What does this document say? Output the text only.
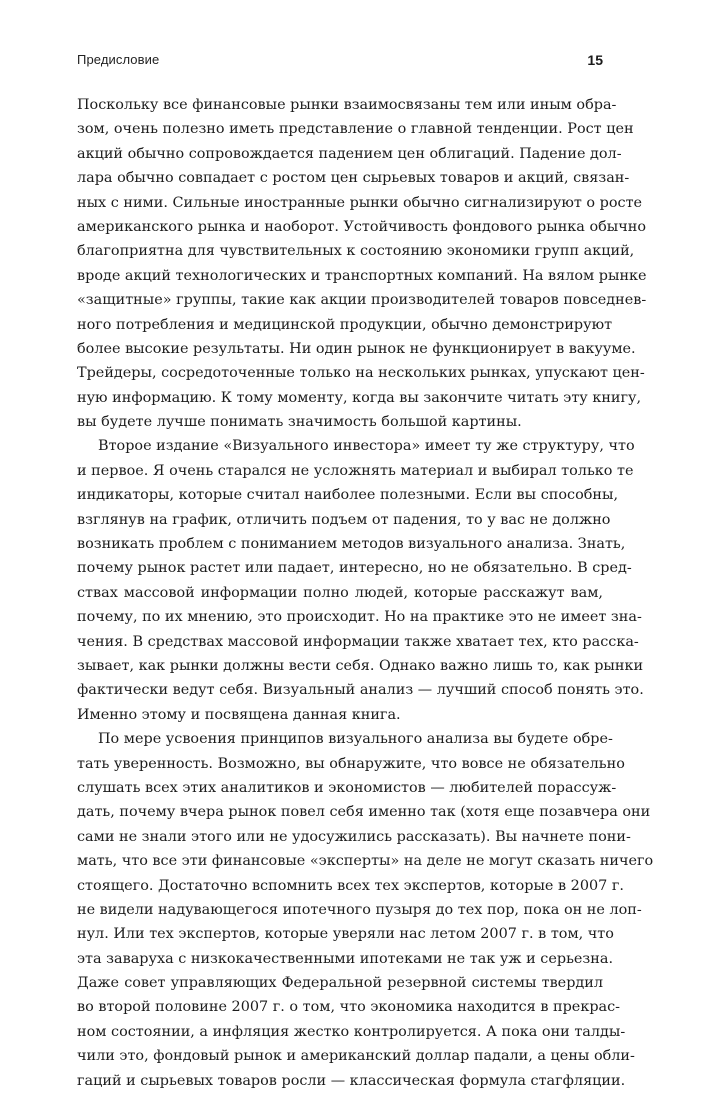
Предисловие	15
Поскольку все финансовые рынки взаимосвязаны тем или иным обра-
зом, очень полезно иметь представление о главной тенденции. Рост цен
акций обычно сопровождается падением цен облигаций. Падение дол-
лара обычно совпадает с ростом цен сырьевых товаров и акций, связан-
ных с ними. Сильные иностранные рынки обычно сигнализируют о росте
американского рынка и наоборот. Устойчивость фондового рынка обычно
благоприятна для чувствительных к состоянию экономики групп акций,
вроде акций технологических и транспортных компаний. На вялом рынке
«защитные» группы, такие как акции производителей товаров повседнев-
ного потребления и медицинской продукции, обычно демонстрируют
более высокие результаты. Ни один рынок не функционирует в вакууме.
Трейдеры, сосредоточенные только на нескольких рынках, упускают цен-
ную информацию. К тому моменту, когда вы закончите читать эту книгу,
вы будете лучше понимать значимость большой картины.
Второе издание «Визуального инвестора» имеет ту же структуру, что
и первое. Я очень старался не усложнять материал и выбирал только те
индикаторы, которые считал наиболее полезными. Если вы способны,
взглянув на график, отличить подъем от падения, то у вас не должно
возникать проблем с пониманием методов визуального анализа. Знать,
почему рынок растет или падает, интересно, но не обязательно. В сред-
ствах массовой информации полно людей, которые расскажут вам,
почему, по их мнению, это происходит. Но на практике это не имеет зна-
чения. В средствах массовой информации также хватает тех, кто расска-
зывает, как рынки должны вести себя. Однако важно лишь то, как рынки
фактически ведут себя. Визуальный анализ — лучший способ понять это.
Именно этому и посвящена данная книга.
По мере усвоения принципов визуального анализа вы будете обре-
тать уверенность. Возможно, вы обнаружите, что вовсе не обязательно
слушать всех этих аналитиков и экономистов — любителей порассуж-
дать, почему вчера рынок повел себя именно так (хотя еще позавчера они
сами не знали этого или не удосужились рассказать). Вы начнете пони-
мать, что все эти финансовые «эксперты» на деле не могут сказать ничего
стоящего. Достаточно вспомнить всех тех экспертов, которые в 2007 г.
не видели надувающегося ипотечного пузыря до тех пор, пока он не лоп-
нул. Или тех экспертов, которые уверяли нас летом 2007 г. в том, что
эта заваруха с низкокачественными ипотеками не так уж и серьезна.
Даже совет управляющих Федеральной резервной системы твердил
во второй половине 2007 г. о том, что экономика находится в прекрас-
ном состоянии, а инфляция жестко контролируется. А пока они талды-
чили это, фондовый рынок и американский доллар падали, а цены обли-
гаций и сырьевых товаров росли — классическая формула стагфляции.
